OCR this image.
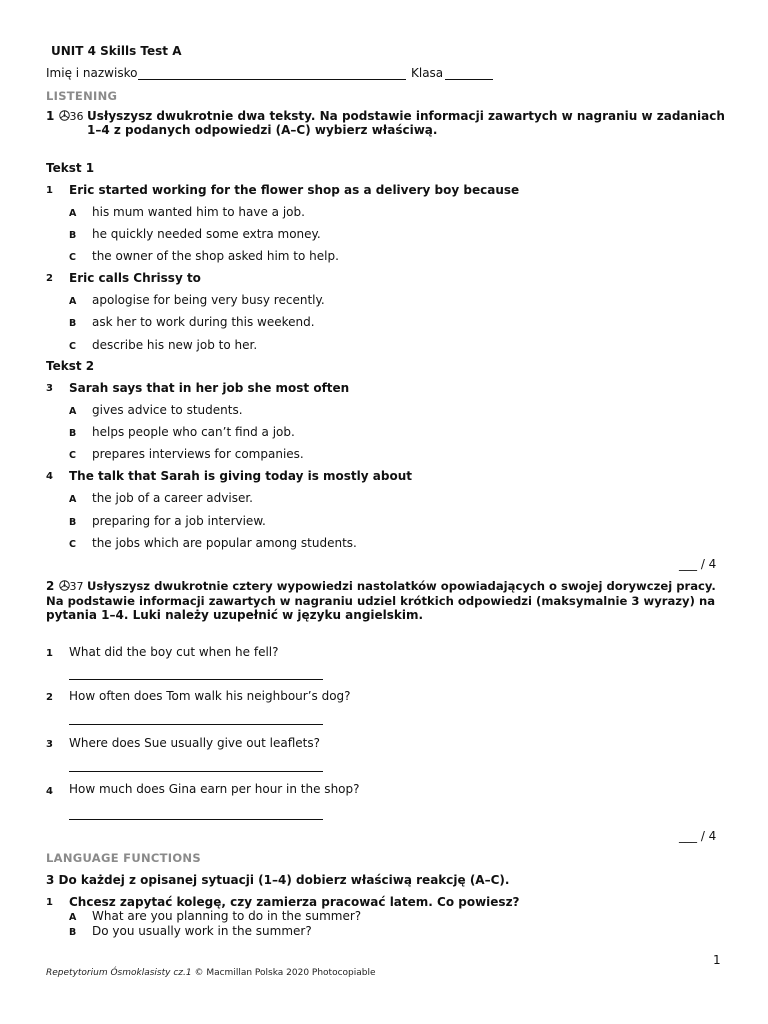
UNIT 4 Skills Test A
Imię i nazwisko	Klasa
LISTENING
1 36 Usłyszysz dwukrotnie dwa teksty. Na podstawie informacji zawartych w nagraniu w zadaniach 1–4 z podanych odpowiedzi (A–C) wybierz właściwą.
Tekst 1
1 Eric started working for the flower shop as a delivery boy because
A his mum wanted him to have a job.
B he quickly needed some extra money.
C the owner of the shop asked him to help.
2 Eric calls Chrissy to
A apologise for being very busy recently.
B ask her to work during this weekend.
C describe his new job to her.
Tekst 2
3 Sarah says that in her job she most often
A gives advice to students.
B helps people who can’t find a job.
C prepares interviews for companies.
4 The talk that Sarah is giving today is mostly about
A the job of a career adviser.
B preparing for a job interview.
C the jobs which are popular among students.
___ / 4
2 37 Usłyszysz dwukrotnie cztery wypowiedzi nastolatków opowiadających o swojej dorywczej pracy.
Na podstawie informacji zawartych w nagraniu udziel krótkich odpowiedzi (maksymalnie 3 wyrazy) na
pytania 1–4. Luki należy uzupełnić w języku angielskim.
1 What did the boy cut when he fell?
2 How often does Tom walk his neighbour’s dog?
3 Where does Sue usually give out leaflets?
4 How much does Gina earn per hour in the shop?
___ / 4
LANGUAGE FUNCTIONS
3 Do każdej z opisanej sytuacji (1–4) dobierz właściwą reakcję (A–C).
1 Chcesz zapytać kolegę, czy zamierza pracować latem. Co powiesz?
A What are you planning to do in the summer?
B Do you usually work in the summer?
1
Repetytorium Ósmoklasisty cz.1 © Macmillan Polska 2020 Photocopiable
